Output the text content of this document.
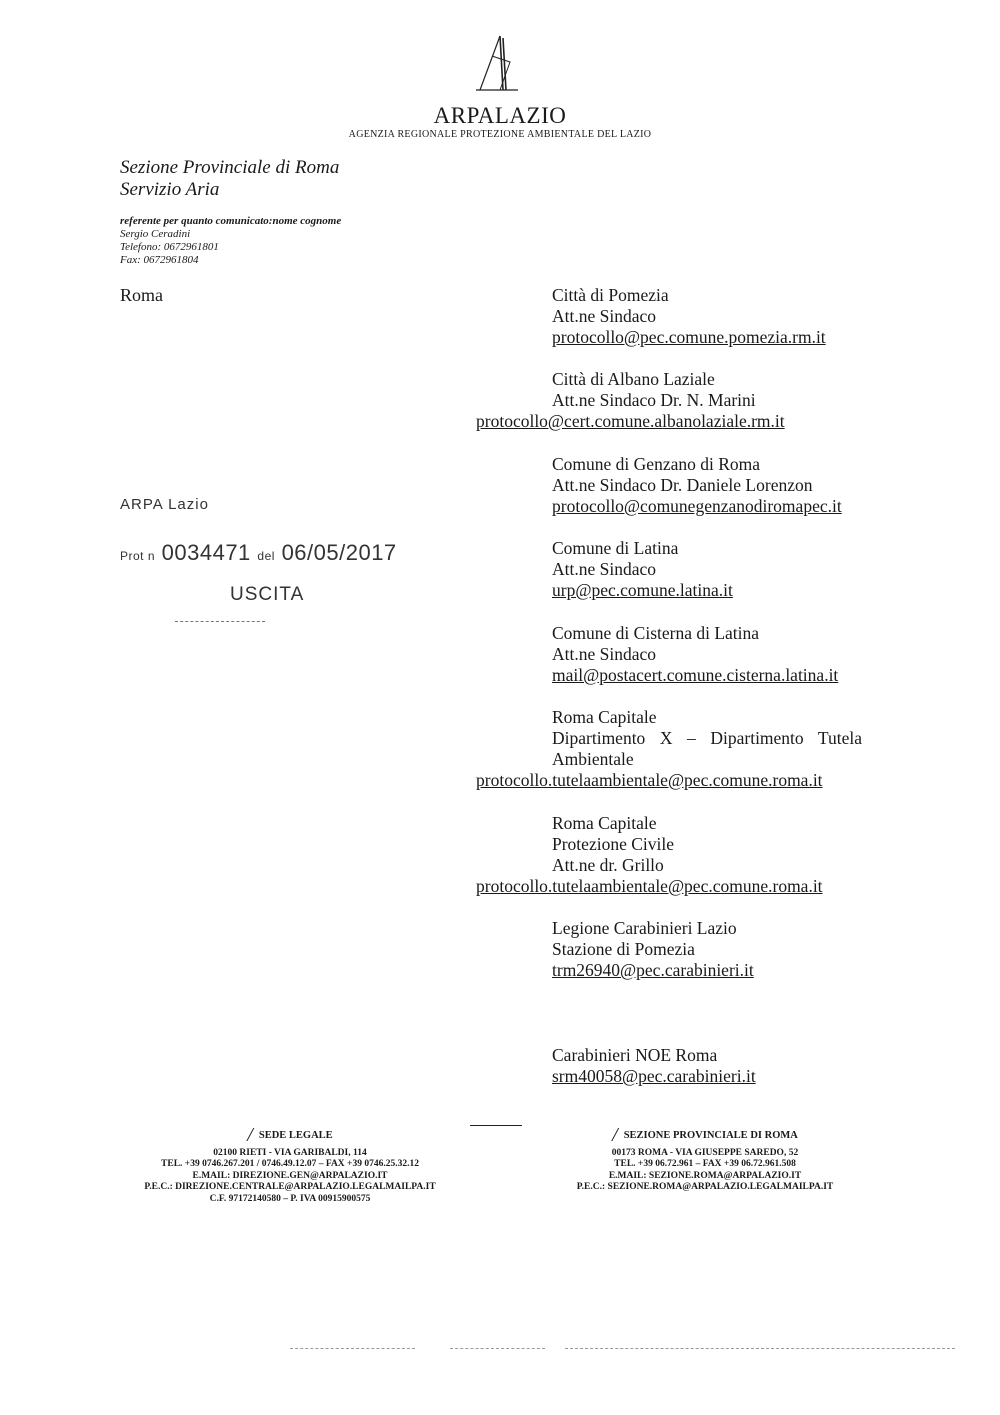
ARPALAZIO
AGENZIA REGIONALE PROTEZIONE AMBIENTALE DEL LAZIO
Sezione Provinciale di Roma
Servizio Aria
referente per quanto comunicato:nome cognome
Sergio Ceradini
Telefono: 0672961801
Fax: 0672961804
Roma
ARPA Lazio
Prot n 0034471 del 06/05/2017
USCITA
Città di Pomezia
Att.ne Sindaco
protocollo@pec.comune.pomezia.rm.it
Città di Albano Laziale
Att.ne Sindaco Dr. N. Marini
protocollo@cert.comune.albanolaziale.rm.it
Comune di Genzano di Roma
Att.ne Sindaco Dr. Daniele Lorenzon
protocollo@comunegenzanodiromapec.it
Comune di Latina
Att.ne Sindaco
urp@pec.comune.latina.it
Comune di Cisterna di Latina
Att.ne Sindaco
mail@postacert.comune.cisterna.latina.it
Roma Capitale
Dipartimento X – Dipartimento Tutela
Ambientale
protocollo.tutelaambientale@pec.comune.roma.it
Roma Capitale
Protezione Civile
Att.ne dr. Grillo
protocollo.tutelaambientale@pec.comune.roma.it
Legione Carabinieri Lazio
Stazione di Pomezia
trm26940@pec.carabinieri.it
Carabinieri NOE Roma
srm40058@pec.carabinieri.it
/ SEDE LEGALE
02100 RIETI - VIA GARIBALDI, 114
TEL. +39 0746.267.201 / 0746.49.12.07 – FAX +39 0746.25.32.12
E.MAIL: DIREZIONE.GEN@ARPALAZIO.IT
P.E.C.: DIREZIONE.CENTRALE@ARPALAZIO.LEGALMAILPA.IT
C.F. 97172140580 – P. IVA 00915900575
/ SEZIONE PROVINCIALE DI ROMA
00173 ROMA - VIA GIUSEPPE SAREDO, 52
TEL. +39 06.72.961 – FAX +39 06.72.961.508
E.MAIL: SEZIONE.ROMA@ARPALAZIO.IT
P.E.C.: SEZIONE.ROMA@ARPALAZIO.LEGALMAILPA.IT
